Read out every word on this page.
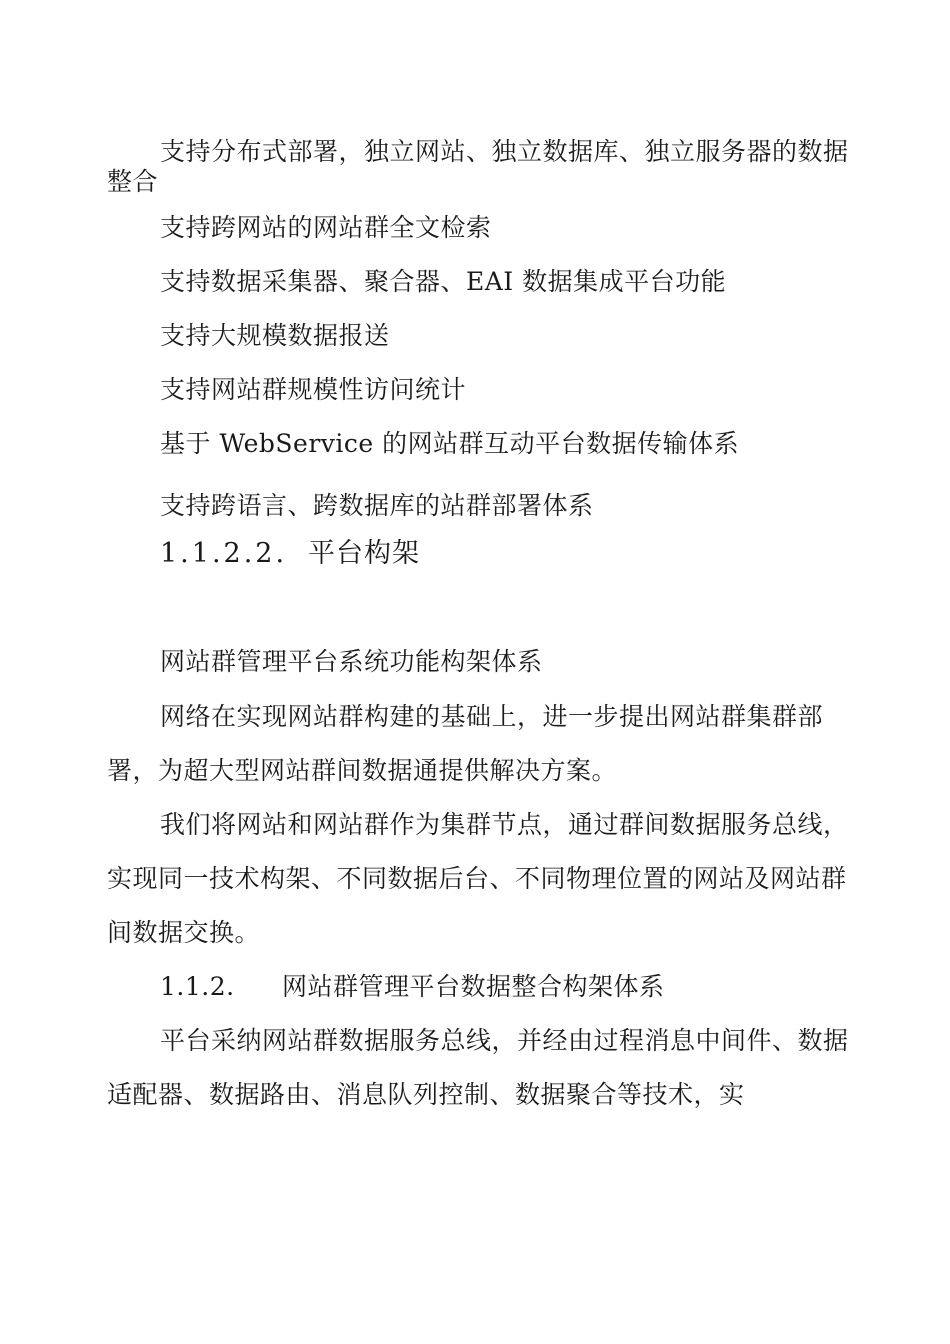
支持分布式部署，独立网站、独立数据库、独立服务器的数据
整合
支持跨网站的网站群全文检索
支持数据采集器、聚合器、EAI 数据集成平台功能
支持大规模数据报送
支持网站群规模性访问统计
基于 WebService 的网站群互动平台数据传输体系
支持跨语言、跨数据库的站群部署体系
1.1.2.2. 平台构架
网站群管理平台系统功能构架体系
网络在实现网站群构建的基础上，进一步提出网站群集群部
署，为超大型网站群间数据通提供解决方案。
我们将网站和网站群作为集群节点，通过群间数据服务总线，
实现同一技术构架、不同数据后台、不同物理位置的网站及网站群
间数据交换。
1.1.2. 网站群管理平台数据整合构架体系
平台采纳网站群数据服务总线，并经由过程消息中间件、数据
适配器、数据路由、消息队列控制、数据聚合等技术，实
